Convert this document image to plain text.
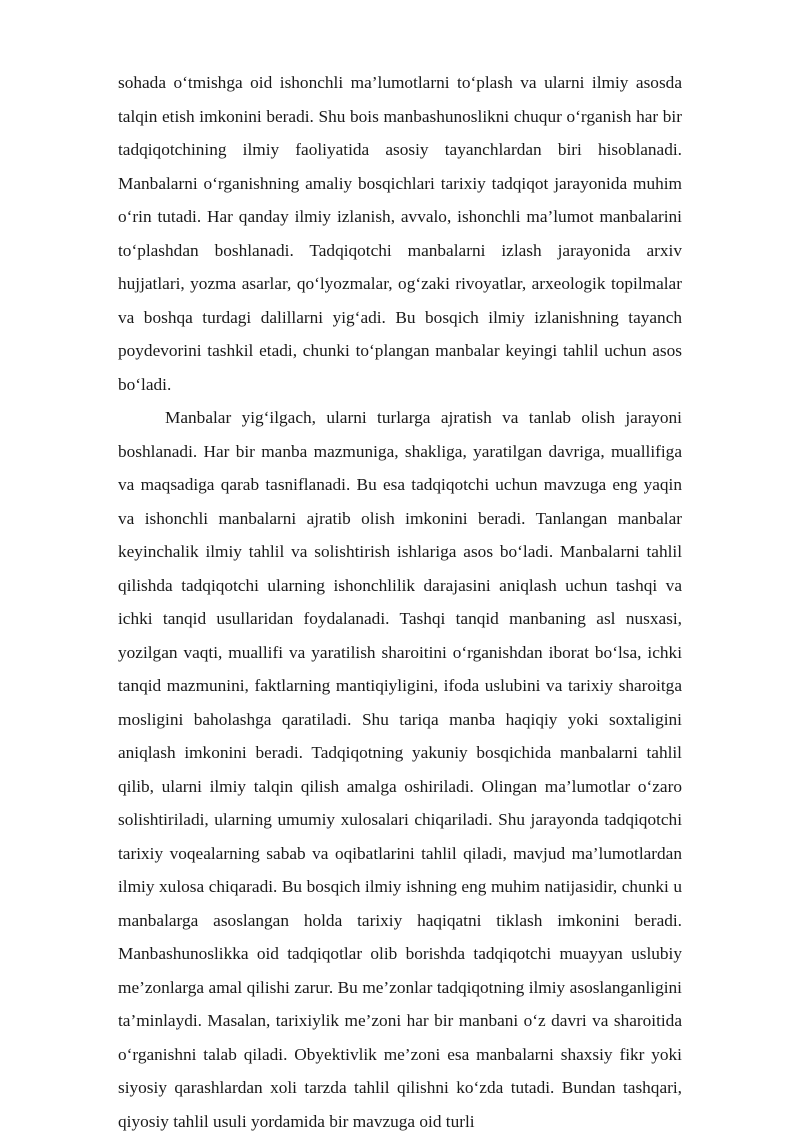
sohada o‘tmishga oid ishonchli ma’lumotlarni to‘plash va ularni ilmiy asosda talqin etish imkonini beradi. Shu bois manbashunoslikni chuqur o‘rganish har bir tadqiqotchining ilmiy faoliyatida asosiy tayanchlardan biri hisoblanadi. Manbalarni o‘rganishning amaliy bosqichlari tarixiy tadqiqot jarayonida muhim o‘rin tutadi. Har qanday ilmiy izlanish, avvalo, ishonchli ma’lumot manbalarini to‘plashdan boshlanadi. Tadqiqotchi manbalarni izlash jarayonida arxiv hujjatlari, yozma asarlar, qo‘lyozmalar, og‘zaki rivoyatlar, arxeologik topilmalar va boshqa turdagi dalillarni yig‘adi. Bu bosqich ilmiy izlanishning tayanch poydevorini tashkil etadi, chunki to‘plangan manbalar keyingi tahlil uchun asos bo‘ladi.

Manbalar yig‘ilgach, ularni turlarga ajratish va tanlab olish jarayoni boshlanadi. Har bir manba mazmuniga, shakliga, yaratilgan davriga, muallifiga va maqsadiga qarab tasniflanadi. Bu esa tadqiqotchi uchun mavzuga eng yaqin va ishonchli manbalarni ajratib olish imkonini beradi. Tanlangan manbalar keyinchalik ilmiy tahlil va solishtirish ishlariga asos bo‘ladi. Manbalarni tahlil qilishda tadqiqotchi ularning ishonchlilik darajasini aniqlash uchun tashqi va ichki tanqid usullaridan foydalanadi. Tashqi tanqid manbaning asl nusxasi, yozilgan vaqti, muallifi va yaratilish sharoitini o‘rganishdan iborat bo‘lsa, ichki tanqid mazmunini, faktlarning mantiqiyligini, ifoda uslubini va tarixiy sharoitga mosligini baholashga qaratiladi. Shu tariqa manba haqiqiy yoki soxtaligini aniqlash imkonini beradi. Tadqiqotning yakuniy bosqichida manbalarni tahlil qilib, ularni ilmiy talqin qilish amalga oshiriladi. Olingan ma’lumotlar o‘zaro solishtiriladi, ularning umumiy xulosalari chiqariladi. Shu jarayonda tadqiqotchi tarixiy voqealarning sabab va oqibatlarini tahlil qiladi, mavjud ma’lumotlardan ilmiy xulosa chiqaradi. Bu bosqich ilmiy ishning eng muhim natijasidir, chunki u manbalarga asoslangan holda tarixiy haqiqatni tiklash imkonini beradi. Manbashunoslikka oid tadqiqotlar olib borishda tadqiqotchi muayyan uslubiy me’zonlarga amal qilishi zarur. Bu me’zonlar tadqiqotning ilmiy asoslanganligini ta’minlaydi. Masalan, tarixiylik me’zoni har bir manbani o‘z davri va sharoitida o‘rganishni talab qiladi. Obyektivlik me’zoni esa manbalarni shaxsiy fikr yoki siyosiy qarashlardan xoli tarzda tahlil qilishni ko‘zda tutadi. Bundan tashqari, qiyosiy tahlil usuli yordamida bir mavzuga oid turli
